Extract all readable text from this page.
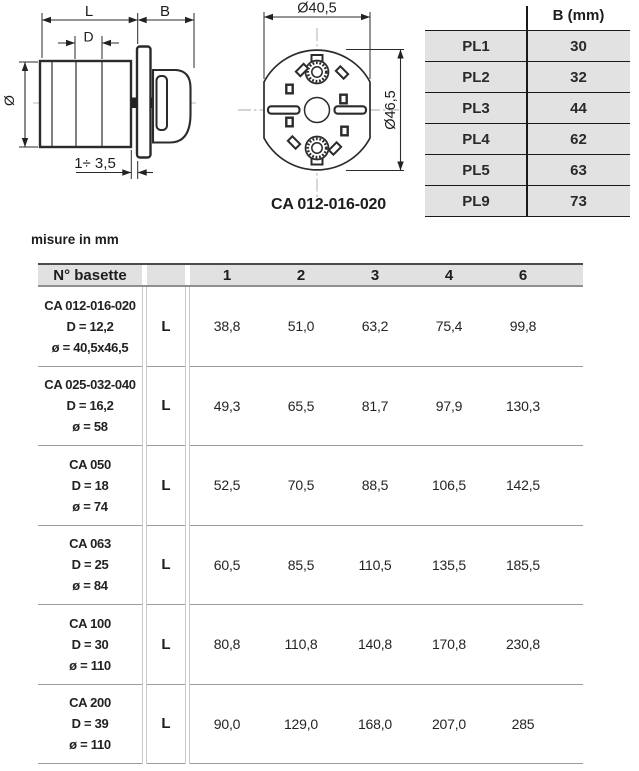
L	B
D
Ø
1÷ 3,5
Ø40,5
Ø46,5
CA 012-016-020
B (mm)
PL1	30
PL2	32
PL3	44
PL4	62
PL5	63
PL9	73
misure in mm
N° basette	1	2	3	4	6
CA 012-016-020
D = 12,2
ø = 40,5x46,5
L	38,8	51,0	63,2	75,4	99,8
CA 025-032-040
D = 16,2
ø = 58
L	49,3	65,5	81,7	97,9	130,3
CA 050
D = 18
ø = 74
L	52,5	70,5	88,5	106,5	142,5
CA 063
D = 25
ø = 84
L	60,5	85,5	110,5	135,5	185,5
CA 100
D = 30
ø = 110
L	80,8	110,8	140,8	170,8	230,8
CA 200
D = 39
ø = 110
L	90,0	129,0	168,0	207,0	285
